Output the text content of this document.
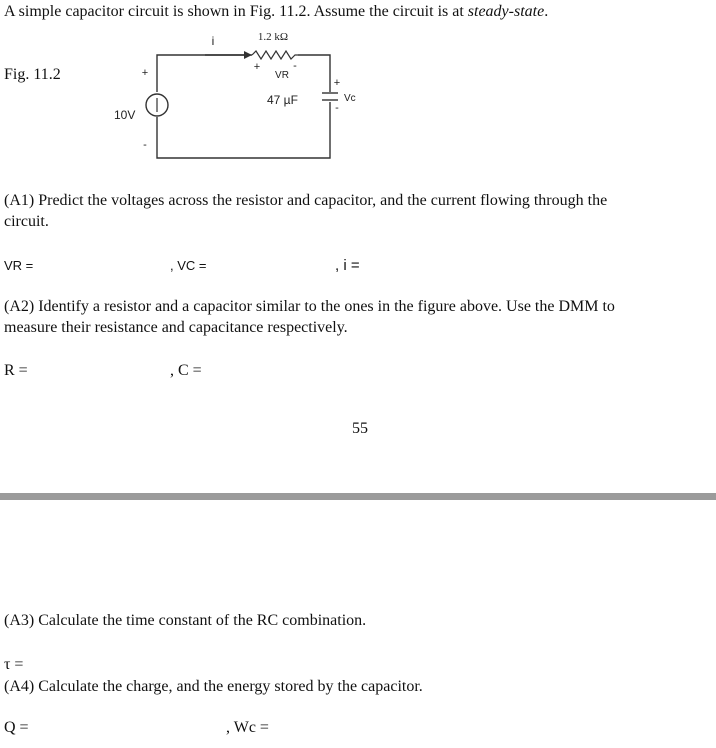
A simple capacitor circuit is shown in Fig. 11.2. Assume the circuit is at steady-state.
Fig. 11.2
1.2 kΩ
i
+	-
VR
47 µF
+
-
Vc
+
-
10V
(A1) Predict the voltages across the resistor and capacitor, and the current flowing through the
circuit.
VR =	, VC =	, i =
(A2) Identify a resistor and a capacitor similar to the ones in the figure above. Use the DMM to
measure their resistance and capacitance respectively.
R =	, C =
55
(A3) Calculate the time constant of the RC combination.
τ =
(A4) Calculate the charge, and the energy stored by the capacitor.
Q =	, Wc =
